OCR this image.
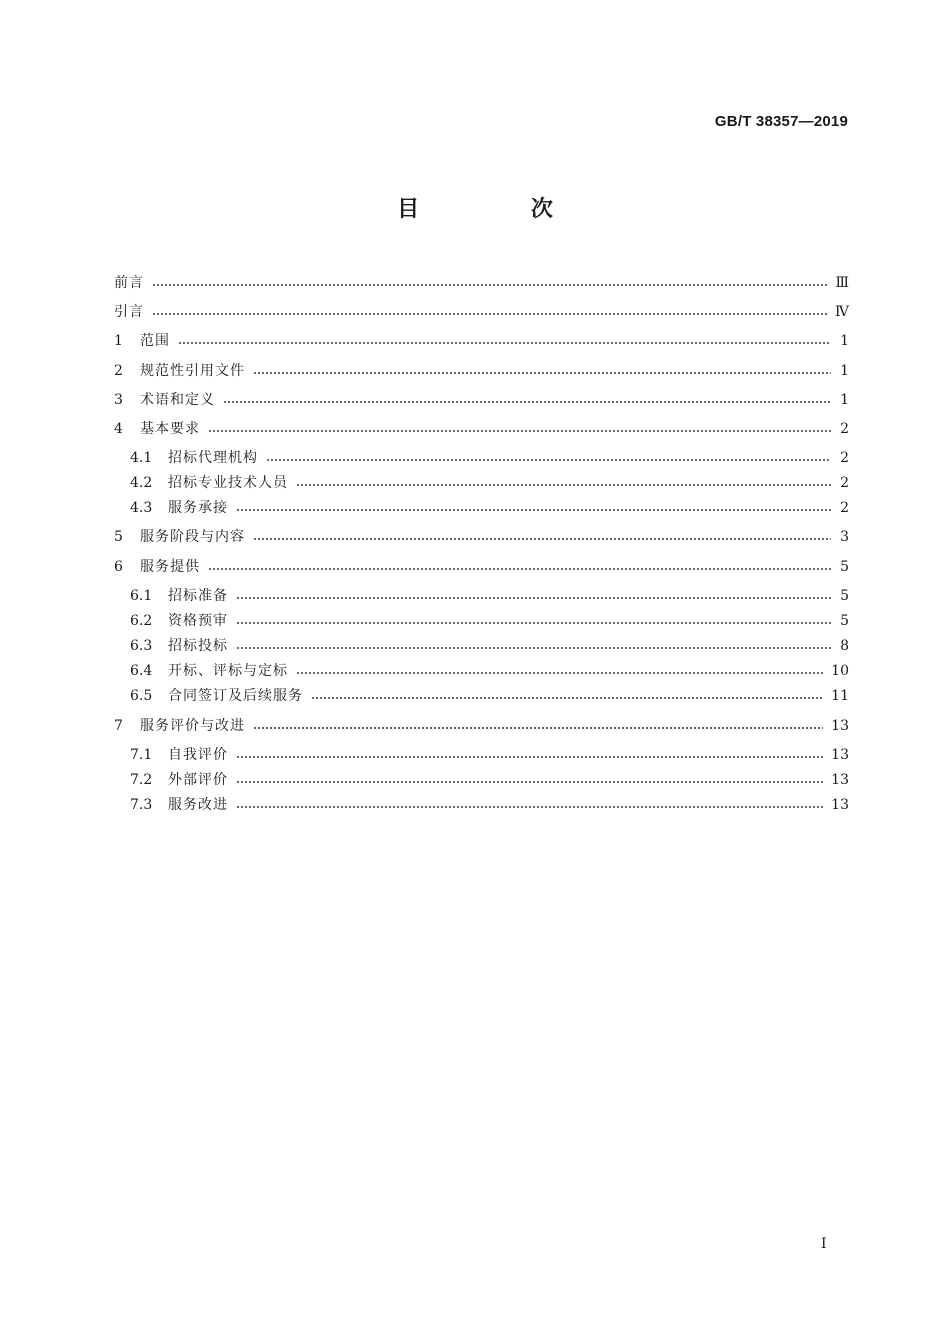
GB/T 38357—2019
目 次
前言	Ⅲ
引言	Ⅳ
1	范围	1
2	规范性引用文件	1
3	术语和定义	1
4	基本要求	2
4.1	招标代理机构	2
4.2	招标专业技术人员	2
4.3	服务承接	2
5	服务阶段与内容	3
6	服务提供	5
6.1	招标准备	5
6.2	资格预审	5
6.3	招标投标	8
6.4	开标、评标与定标	10
6.5	合同签订及后续服务	11
7	服务评价与改进	13
7.1	自我评价	13
7.2	外部评价	13
7.3	服务改进	13
I
